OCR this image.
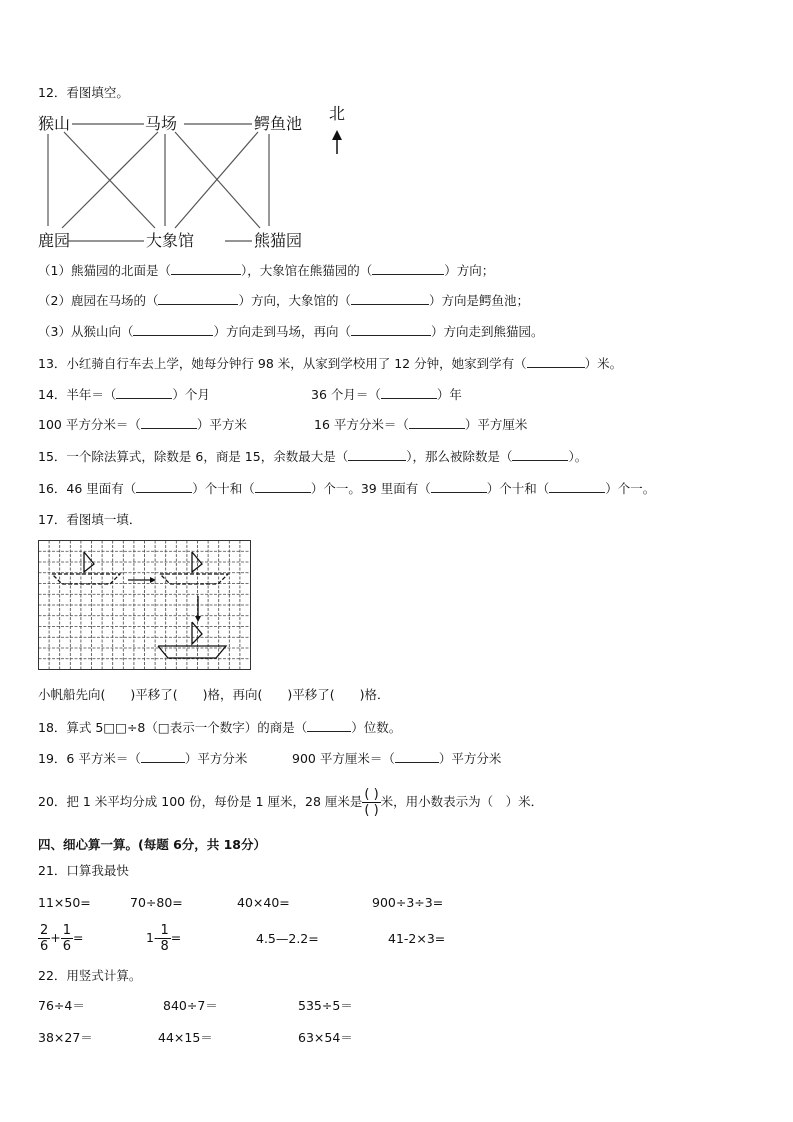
12．看图填空。
猴山	马场	鳄鱼池
鹿园	大象馆	熊猫园
北
（1）熊猫园的北面是（	），大象馆在熊猫园的（	）方向；
（2）鹿园在马场的（	）方向，大象馆的（	）方向是鳄鱼池；
（3）从猴山向（	）方向走到马场，再向（	）方向走到熊猫园。
13．小红骑自行车去上学，她每分钟行 98 米，从家到学校用了 12 分钟，她家到学有（	）米。
14．半年＝（	）个月	36 个月＝（	）年
100 平方分米＝（	）平方米	16 平方分米＝（	）平方厘米
15．一个除法算式，除数是 6，商是 15，余数最大是（	），那么被除数是（	）。
16．46 里面有（	）个十和（	）个一。39 里面有（	）个十和（	）个一。
17．看图填一填．
小帆船先向(　　)平移了(　　)格，再向(　　)平移了(　　)格．
18．算式 5□□÷8（□表示一个数字）的商是（	）位数。
19．6 平方米＝（	）平方分米	900 平方厘米＝（	）平方分米
20．把 1 米平均分成 100 份，每份是 1 厘米，28 厘米是 $\frac{( )}{( )}$ 米，用小数表示为（　）米．
四、细心算一算。(每题 6分，共 18分）
21．口算我最快
11×50=	70÷80=	40×40=	900÷3÷3=
$\frac{2}{6} + \frac{1}{6}$ =	$1- \frac{1}{8}$ =	4.5—2.2=	41-2×3=
22．用竖式计算。
76÷4＝	840÷7＝	535÷5＝
38×27＝	44×15＝	63×54＝
